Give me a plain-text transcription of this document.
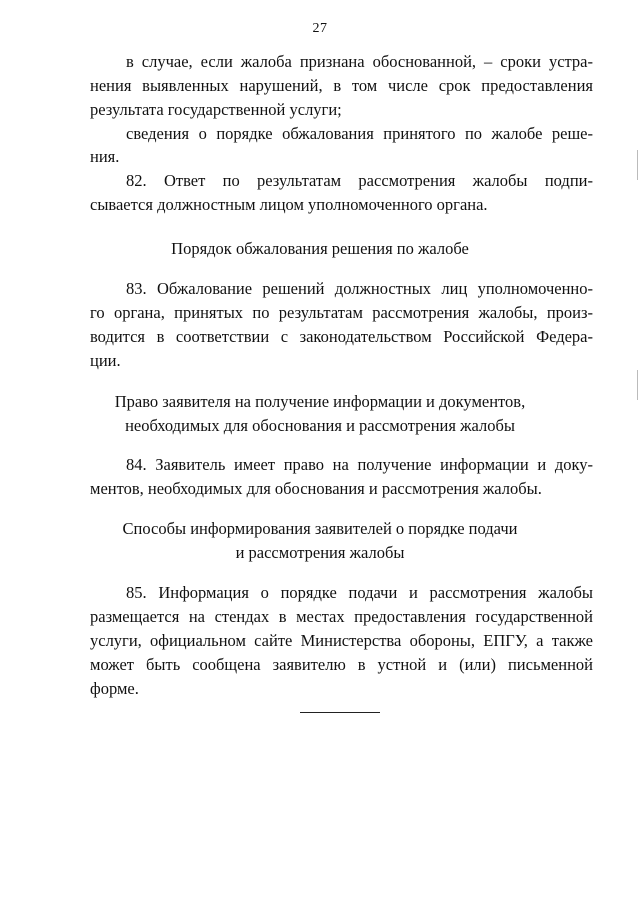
27
в случае, если жалоба признана обоснованной, – сроки устра-
нения выявленных нарушений, в том числе срок предоставления
результата государственной услуги;
сведения о порядке обжалования принятого по жалобе реше-
ния.
82. Ответ по результатам рассмотрения жалобы подпи-
сывается должностным лицом уполномоченного органа.
Порядок обжалования решения по жалобе
83. Обжалование решений должностных лиц уполномоченно-
го органа, принятых по результатам рассмотрения жалобы, произ-
водится в соответствии с законодательством Российской Федера-
ции.
Право заявителя на получение информации и документов,
необходимых для обоснования и рассмотрения жалобы
84. Заявитель имеет право на получение информации и доку-
ментов, необходимых для обоснования и рассмотрения жалобы.
Способы информирования заявителей о порядке подачи
и рассмотрения жалобы
85. Информация о порядке подачи и рассмотрения жалобы
размещается на стендах в местах предоставления государственной
услуги, официальном сайте Министерства обороны, ЕПГУ, а также
может быть сообщена заявителю в устной и (или) письменной
форме.
